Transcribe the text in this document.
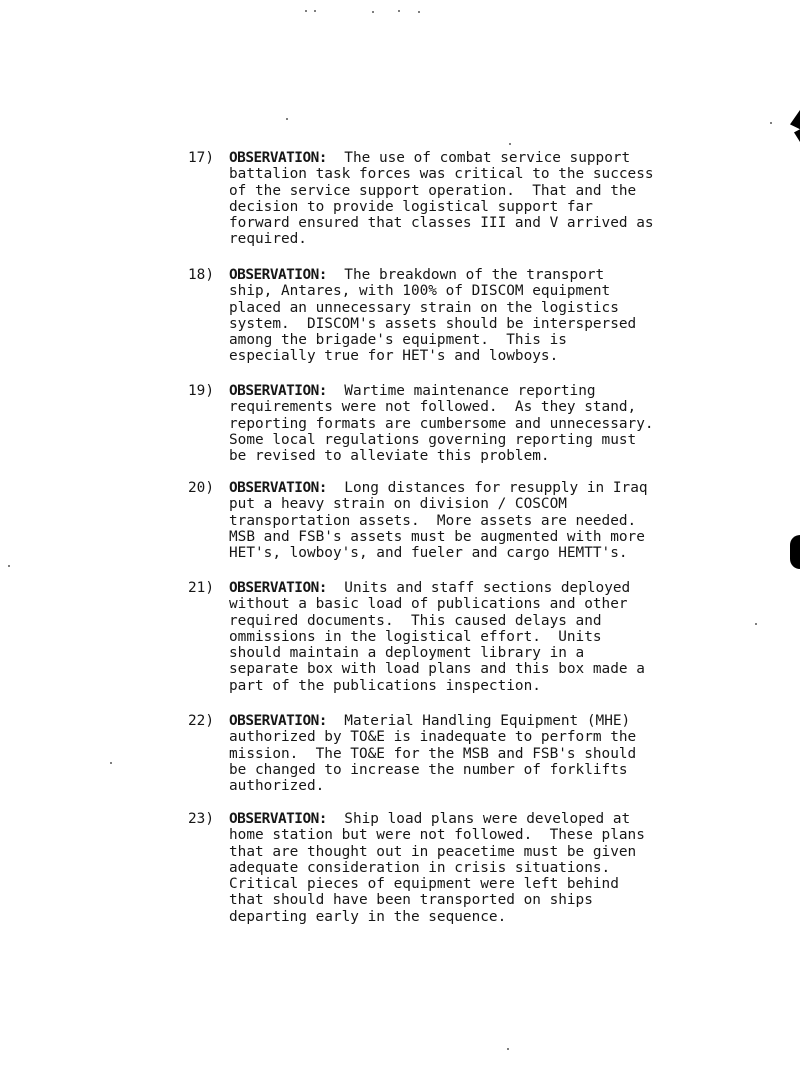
17) OBSERVATION: The use of combat service support
battalion task forces was critical to the success
of the service support operation.  That and the
decision to provide logistical support far
forward ensured that classes III and V arrived as
required.
18) OBSERVATION: The breakdown of the transport
ship, Antares, with 100% of DISCOM equipment
placed an unnecessary strain on the logistics
system.  DISCOM's assets should be interspersed
among the brigade's equipment.  This is
especially true for HET's and lowboys.
19) OBSERVATION: Wartime maintenance reporting
requirements were not followed.  As they stand,
reporting formats are cumbersome and unnecessary.
Some local regulations governing reporting must
be revised to alleviate this problem.
20) OBSERVATION: Long distances for resupply in Iraq
put a heavy strain on division / COSCOM
transportation assets.  More assets are needed.
MSB and FSB's assets must be augmented with more
HET's, lowboy's, and fueler and cargo HEMTT's.
21) OBSERVATION: Units and staff sections deployed
without a basic load of publications and other
required documents.  This caused delays and
ommissions in the logistical effort.  Units
should maintain a deployment library in a
separate box with load plans and this box made a
part of the publications inspection.
22) OBSERVATION: Material Handling Equipment (MHE)
authorized by TO&E is inadequate to perform the
mission.  The TO&E for the MSB and FSB's should
be changed to increase the number of forklifts
authorized.
23) OBSERVATION: Ship load plans were developed at
home station but were not followed.  These plans
that are thought out in peacetime must be given
adequate consideration in crisis situations.
Critical pieces of equipment were left behind
that should have been transported on ships
departing early in the sequence.
